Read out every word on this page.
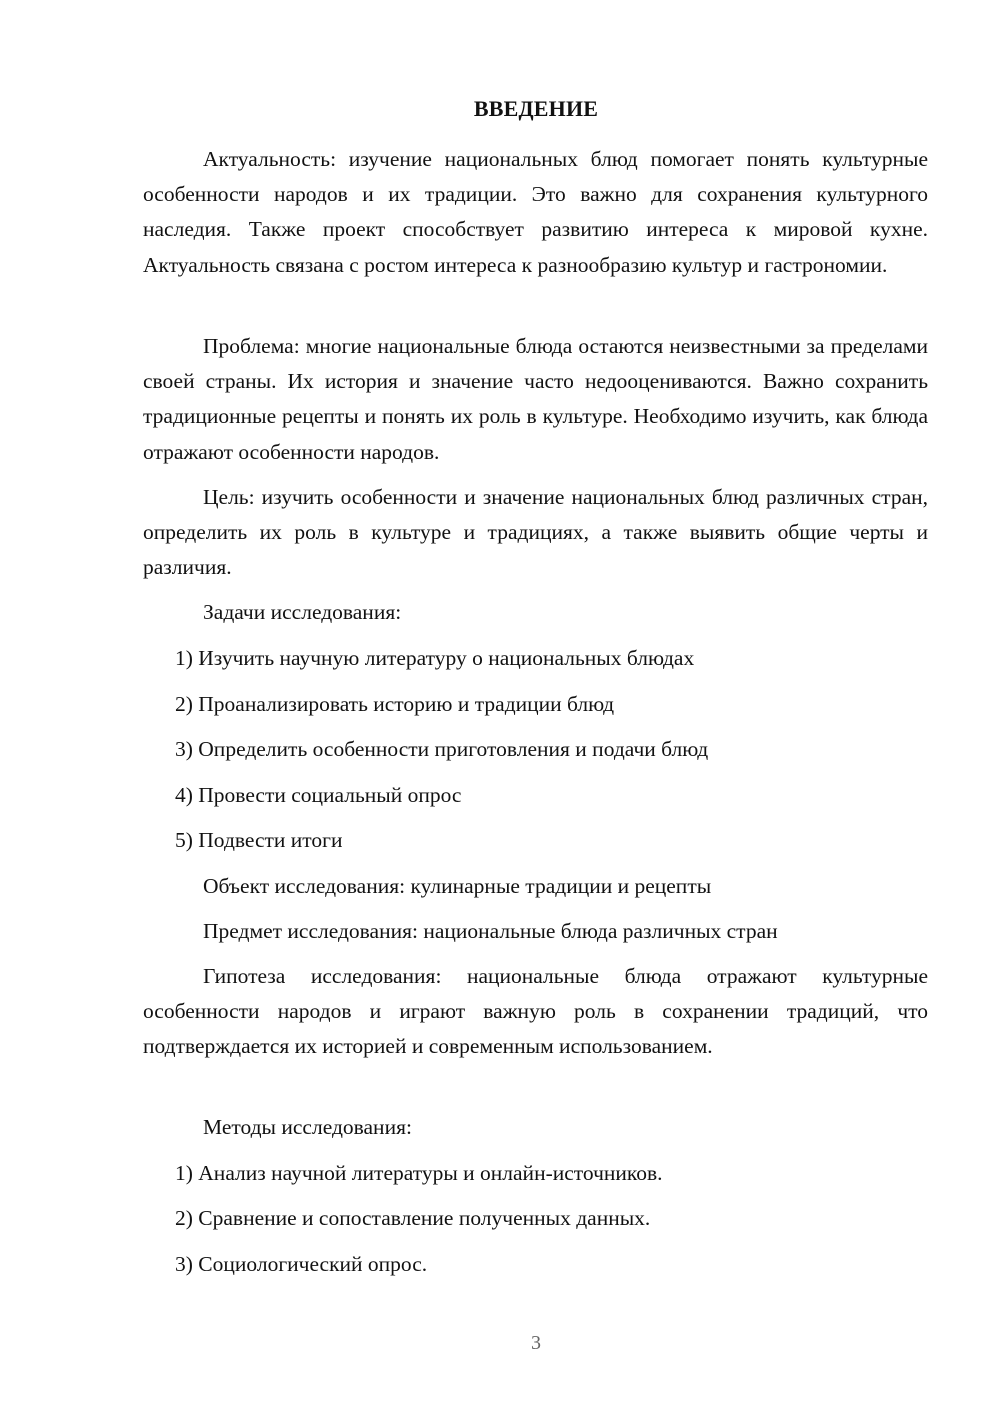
ВВЕДЕНИЕ

Актуальность: изучение национальных блюд помогает понять культурные особенности народов и их традиции. Это важно для сохранения культурного наследия. Также проект способствует развитию интереса к мировой кухне. Актуальность связана с ростом интереса к разнообразию культур и гастрономии.

Проблема: многие национальные блюда остаются неизвестными за пределами своей страны. Их история и значение часто недооцениваются. Важно сохранить традиционные рецепты и понять их роль в культуре. Необходимо изучить, как блюда отражают особенности народов.

Цель: изучить особенности и значение национальных блюд различных стран, определить их роль в культуре и традициях, а также выявить общие черты и различия.

Задачи исследования:
1) Изучить научную литературу о национальных блюдах
2) Проанализировать историю и традиции блюд
3) Определить особенности приготовления и подачи блюд
4) Провести социальный опрос
5) Подвести итоги
Объект исследования: кулинарные традиции и рецепты
Предмет исследования: национальные блюда различных стран

Гипотеза исследования: национальные блюда отражают культурные особенности народов и играют важную роль в сохранении традиций, что подтверждается их историей и современным использованием.

Методы исследования:
1) Анализ научной литературы и онлайн-источников.
2) Сравнение и сопоставление полученных данных.
3) Социологический опрос.
3
